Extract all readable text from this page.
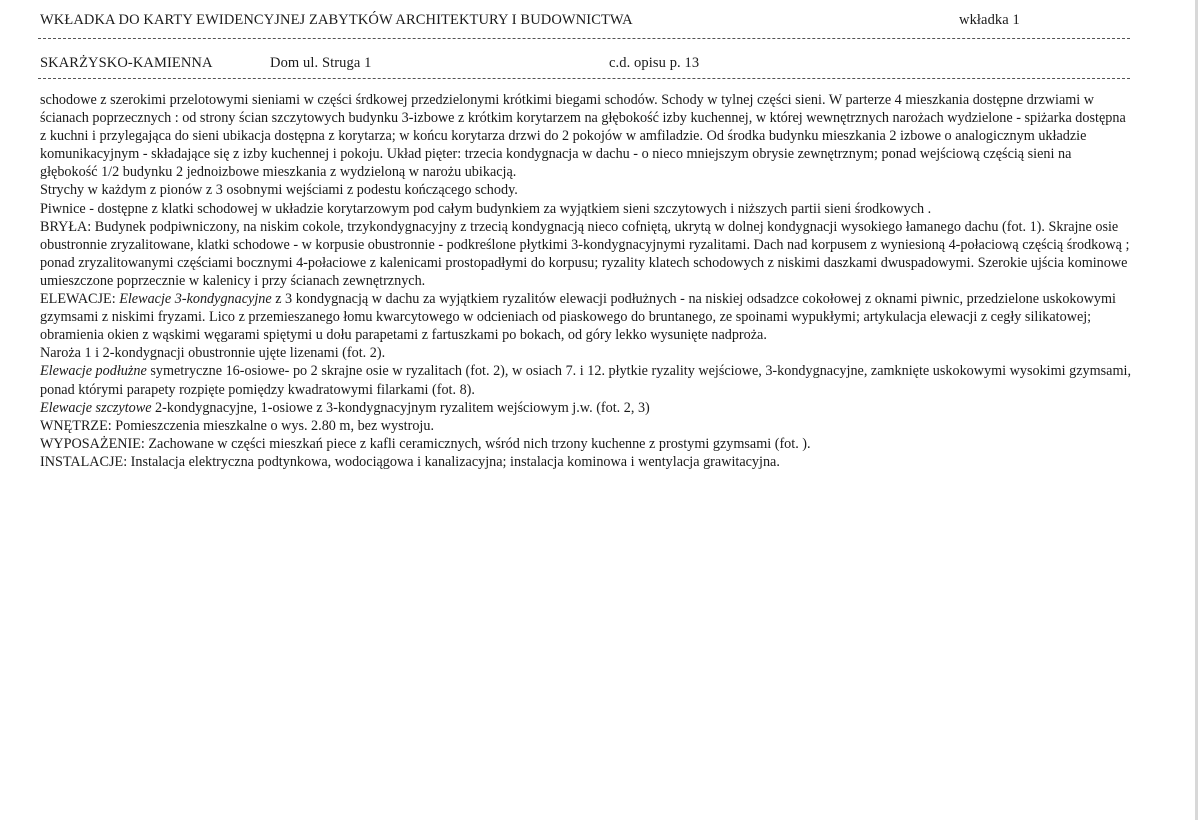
WKŁADKA DO KARTY EWIDENCYJNEJ ZABYTKÓW ARCHITEKTURY I BUDOWNICTWA	wkładka 1
SKARŻYSKO-KAMIENNA	Dom ul. Struga 1	c.d. opisu p. 13

schodowe z szerokimi przelotowymi sieniami w części śrdkowej przedzielonymi krótkimi biegami schodów. Schody w tylnej części sieni. W parterze 4 mieszkania dostępne drzwiami w ścianach poprzecznych : od strony ścian szczytowych budynku 3-izbowe z krótkim korytarzem na głębokość izby kuchennej, w której wewnętrznych narożach wydzielone - spiżarka dostępna z kuchni i przylegająca do sieni ubikacja dostępna z korytarza; w końcu korytarza drzwi do 2 pokojów w amfiladzie. Od środka budynku mieszkania 2 izbowe o analogicznym układzie komunikacyjnym - składające się z izby kuchennej i pokoju. Układ pięter: trzecia kondygnacja w dachu - o nieco mniejszym obrysie zewnętrznym; ponad wejściową częścią sieni na głębokość 1/2 budynku 2 jednoizbowe mieszkania z wydzieloną w narożu ubikacją.

Strychy w każdym z pionów z 3 osobnymi wejściami z podestu kończącego schody.

Piwnice - dostępne z klatki schodowej w układzie korytarzowym pod całym budynkiem za wyjątkiem sieni szczytowych i niższych partii sieni środkowych .

BRYŁA: Budynek podpiwniczony, na niskim cokole, trzykondygnacyjny z trzecią kondygnacją nieco cofniętą, ukrytą w dolnej kondygnacji wysokiego łamanego dachu (fot. 1). Skrajne osie obustronnie zryzalitowane, klatki schodowe - w korpusie obustronnie - podkreślone płytkimi 3-kondygnacyjnymi ryzalitami. Dach nad korpusem z wyniesioną 4-połaciową częścią środkową ; ponad zryzalitowanymi częściami bocznymi 4-połaciowe z kalenicami prostopadłymi do korpusu; ryzality klatech schodowych z niskimi daszkami dwuspadowymi. Szerokie ujścia kominowe umieszczone poprzecznie w kalenicy i przy ścianach zewnętrznych.

ELEWACJE: Elewacje 3-kondygnacyjne z 3 kondygnacją w dachu za wyjątkiem ryzalitów elewacji podłużnych - na niskiej odsadzce cokołowej z oknami piwnic, przedzielone uskokowymi gzymsami z niskimi fryzami. Lico z przemieszanego łomu kwarcytowego w odcieniach od piaskowego do bruntanego, ze spoinami wypukłymi; artykulacja elewacji z cegły silikatowej; obramienia okien z wąskimi węgarami spiętymi u dołu parapetami z fartuszkami po bokach, od góry lekko wysunięte nadproża.

Naroża 1 i 2-kondygnacji obustronnie ujęte lizenami (fot. 2).

Elewacje podłużne symetryczne 16-osiowe- po 2 skrajne osie w ryzalitach (fot. 2), w osiach 7. i 12. płytkie ryzality wejściowe, 3-kondygnacyjne, zamknięte uskokowymi wysokimi gzymsami, ponad którymi parapety rozpięte pomiędzy kwadratowymi filarkami (fot. 8).

Elewacje szczytowe 2-kondygnacyjne, 1-osiowe z 3-kondygnacyjnym ryzalitem wejściowym j.w. (fot. 2, 3)

WNĘTRZE: Pomieszczenia mieszkalne o wys. 2.80 m, bez wystroju.

WYPOSAŻENIE: Zachowane w części mieszkań piece z kafli ceramicznych, wśród nich trzony kuchenne z prostymi gzymsami (fot. ).

INSTALACJE: Instalacja elektryczna podtynkowa, wodociągowa i kanalizacyjna; instalacja kominowa i wentylacja grawitacyjna.
